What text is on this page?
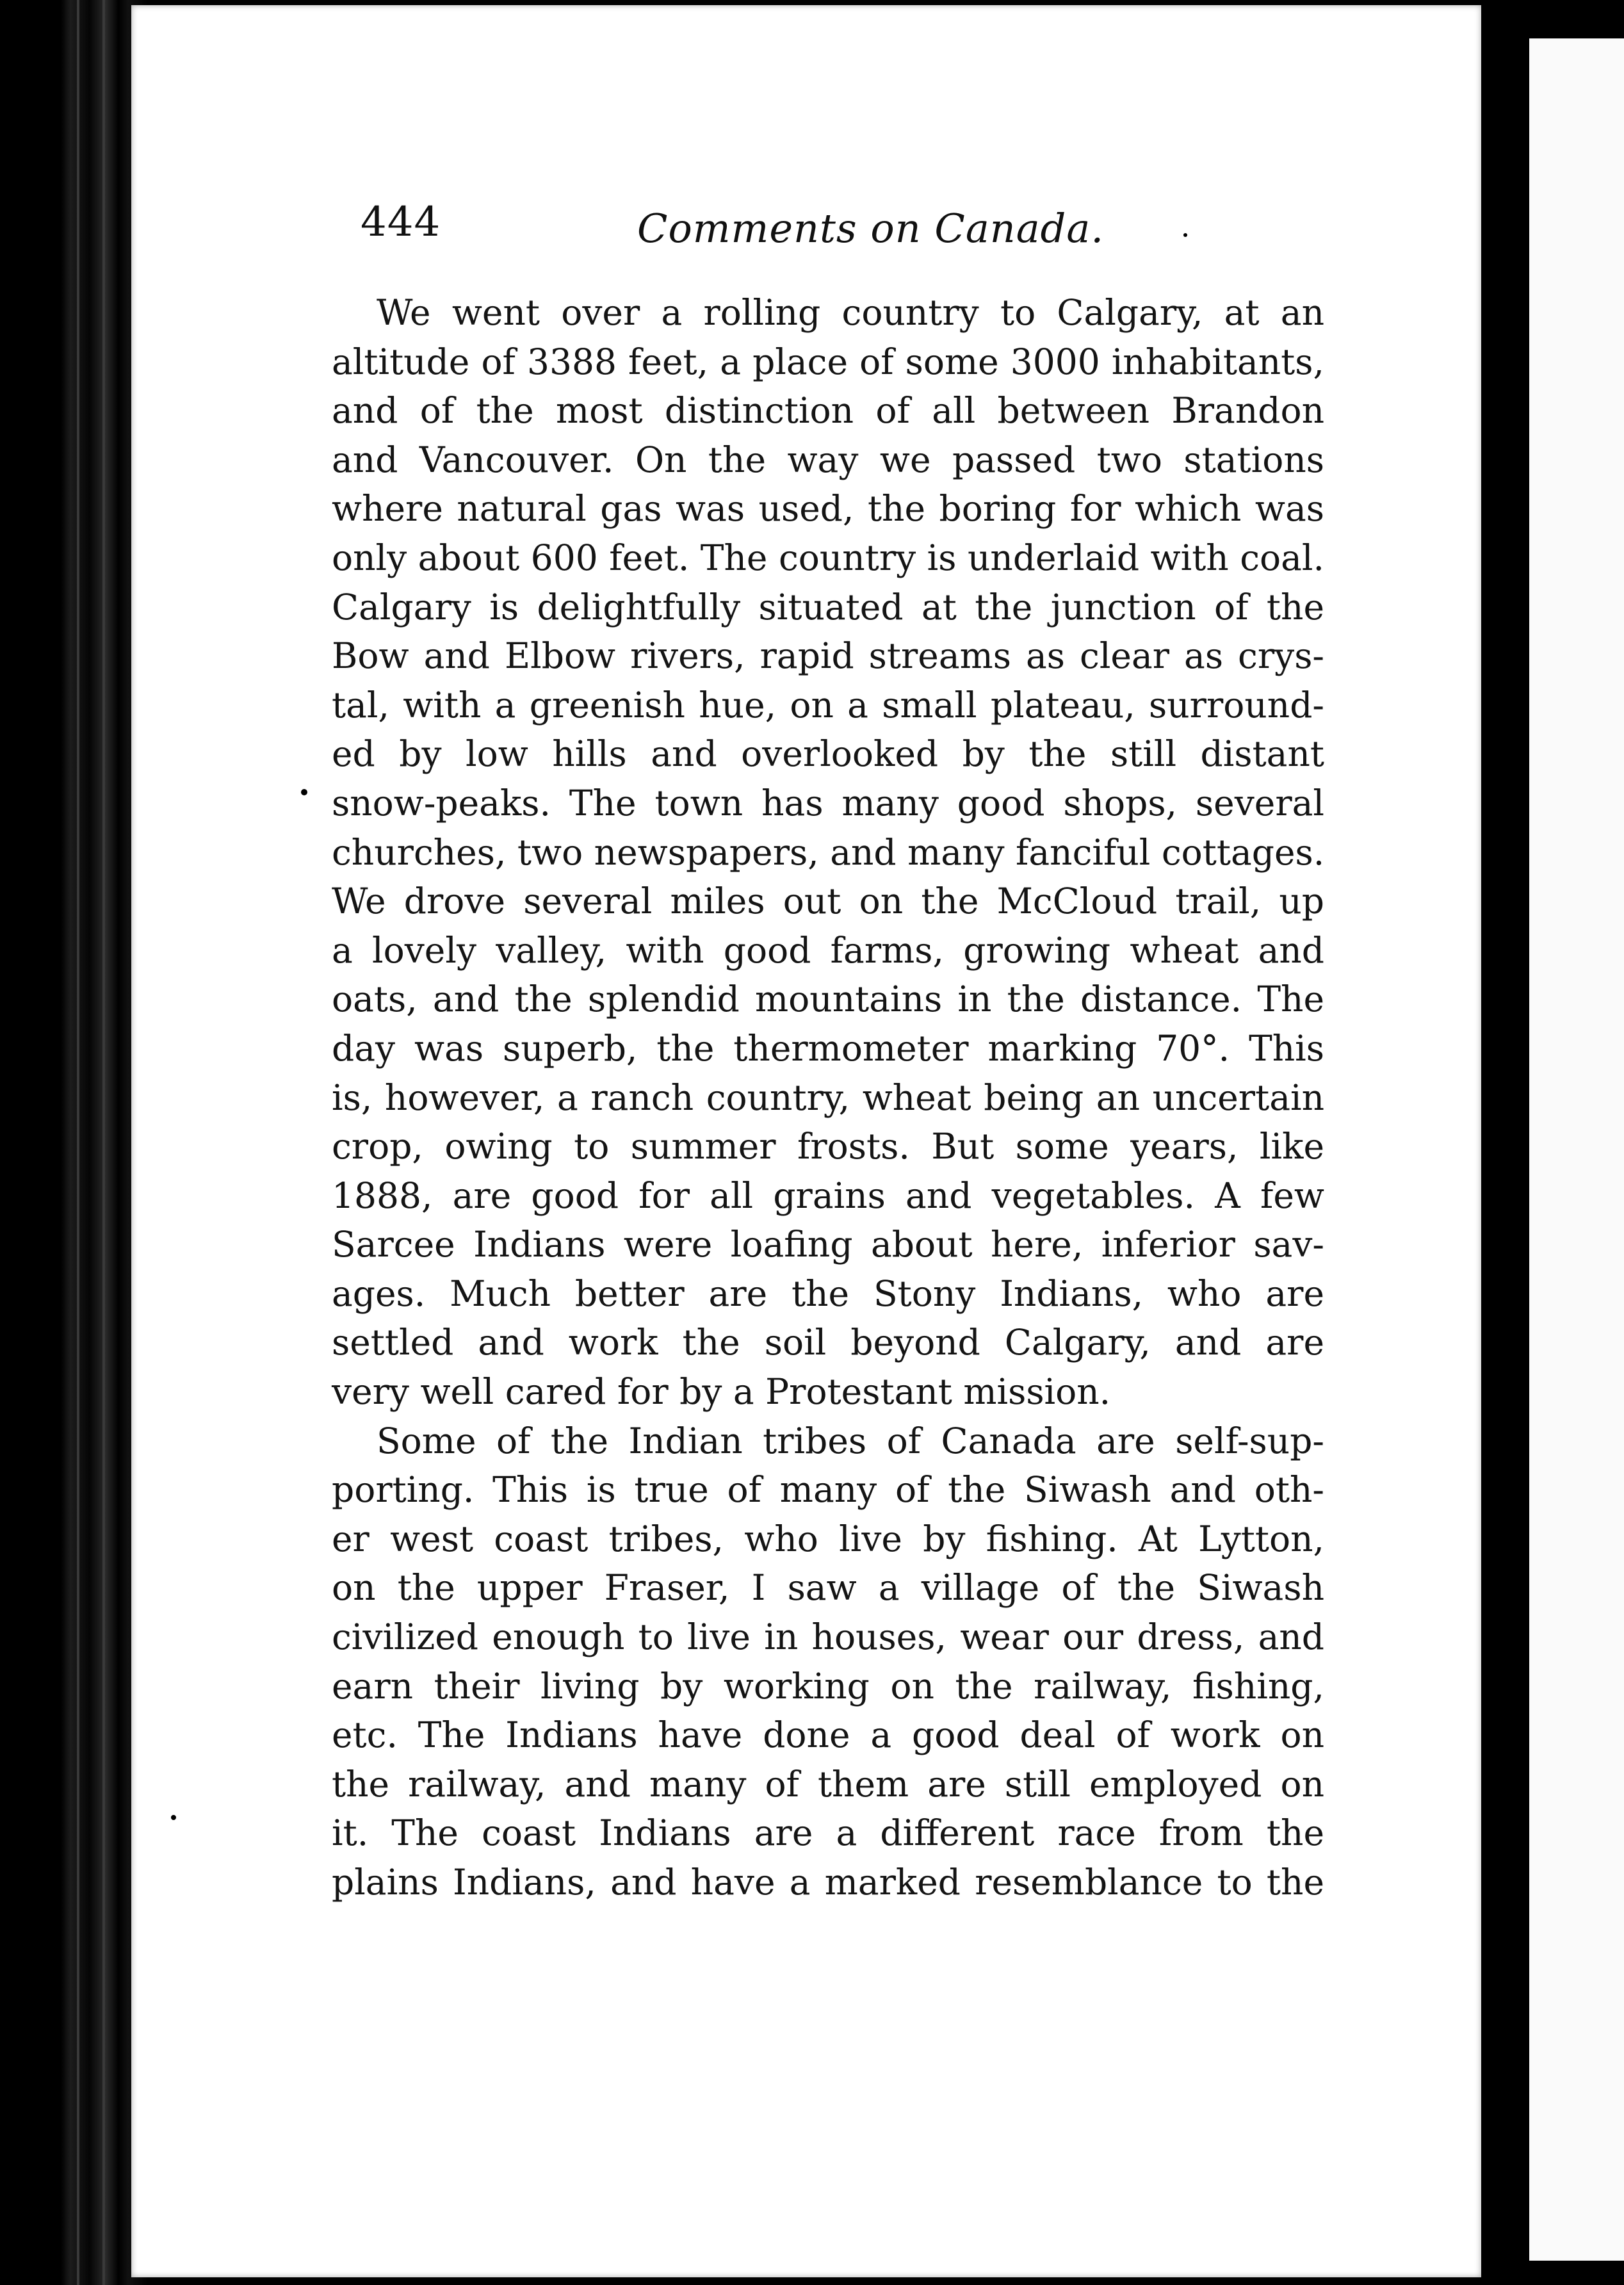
444	Comments on Canada.
We went over a rolling country to Calgary, at an
altitude of 3388 feet, a place of some 3000 inhabitants,
and of the most distinction of all between Brandon
and Vancouver. On the way we passed two stations
where natural gas was used, the boring for which was
only about 600 feet. The country is underlaid with coal.
Calgary is delightfully situated at the junction of the
Bow and Elbow rivers, rapid streams as clear as crys-
tal, with a greenish hue, on a small plateau, surround-
ed by low hills and overlooked by the still distant
snow-peaks. The town has many good shops, several
churches, two newspapers, and many fanciful cottages.
We drove several miles out on the McCloud trail, up
a lovely valley, with good farms, growing wheat and
oats, and the splendid mountains in the distance. The
day was superb, the thermometer marking 70°. This
is, however, a ranch country, wheat being an uncertain
crop, owing to summer frosts. But some years, like
1888, are good for all grains and vegetables. A few
Sarcee Indians were loafing about here, inferior sav-
ages. Much better are the Stony Indians, who are
settled and work the soil beyond Calgary, and are
very well cared for by a Protestant mission.
Some of the Indian tribes of Canada are self-sup-
porting. This is true of many of the Siwash and oth-
er west coast tribes, who live by fishing. At Lytton,
on the upper Fraser, I saw a village of the Siwash
civilized enough to live in houses, wear our dress, and
earn their living by working on the railway, fishing,
etc. The Indians have done a good deal of work on
the railway, and many of them are still employed on
it. The coast Indians are a different race from the
plains Indians, and have a marked resemblance to the
